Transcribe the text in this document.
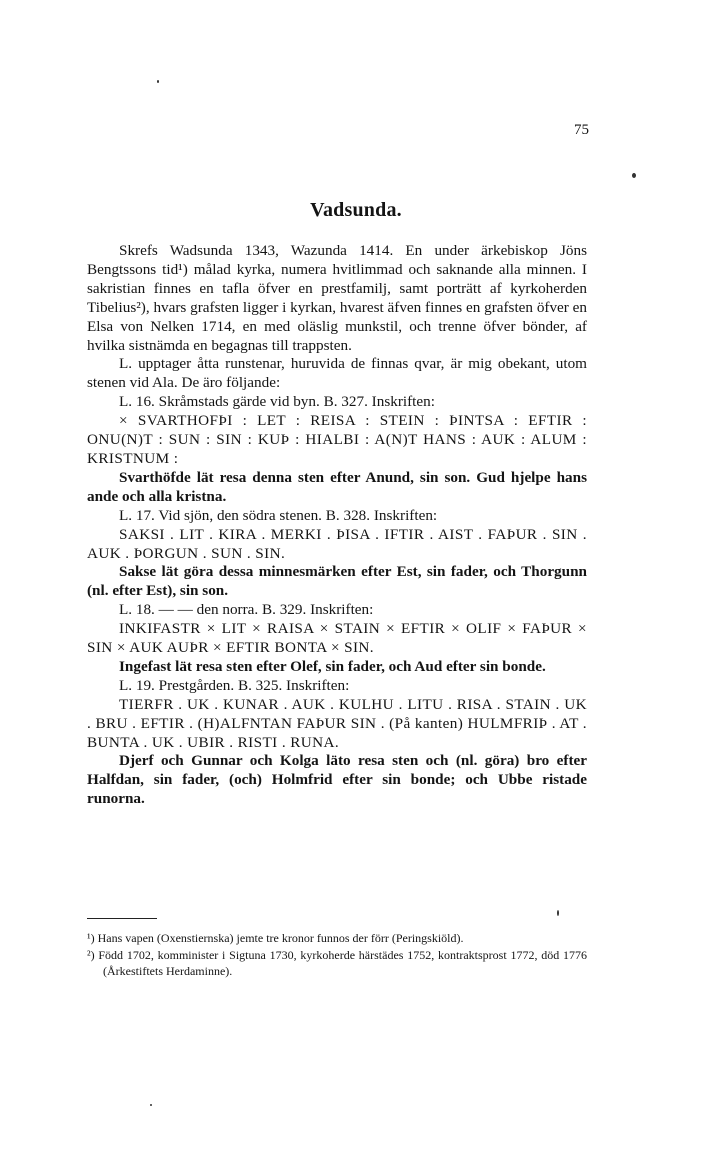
75
Vadsunda.

Skrefs Wadsunda 1343, Wazunda 1414. En under ärkebiskop Jöns Bengtssons tid¹) målad kyrka, numera hvitlimmad och saknande alla minnen. I sakristian finnes en tafla öfver en prestfamilj, samt porträtt af kyrkoherden Tibelius²), hvars grafsten ligger i kyrkan, hvarest äfven finnes en grafsten öfver en Elsa von Nelken 1714, en med oläslig munkstil, och trenne öfver bönder, af hvilka sistnämda en begagnas till trappsten.

L. upptager åtta runstenar, huruvida de finnas qvar, är mig obekant, utom stenen vid Ala. De äro följande:

L. 16. Skråmstads gärde vid byn. B. 327. Inskriften:

× SVARTHOFÞI : LET : REISA : STEIN : ÞINTSA : EFTIR : ONU(N)T : SUN : SIN : KUÞ : HIALBI : A(N)T HANS : AUK : ALUM : KRISTNUM :

Svarthöfde lät resa denna sten efter Anund, sin son. Gud hjelpe hans ande och alla kristna.

L. 17. Vid sjön, den södra stenen. B. 328. Inskriften:

SAKSI . LIT . KIRA . MERKI . ÞISA . IFTIR . AIST . FAÞUR . SIN . AUK . ÞORGUN . SUN . SIN.

Sakse lät göra dessa minnesmärken efter Est, sin fader, och Thorgunn (nl. efter Est), sin son.

L. 18. — — den norra. B. 329. Inskriften:

INKIFASTR × LIT × RAISA × STAIN × EFTIR × OLIF × FAÞUR × SIN × AUK AUÞR × EFTIR BONTA × SIN.

Ingefast lät resa sten efter Olef, sin fader, och Aud efter sin bonde.

L. 19. Prestgården. B. 325. Inskriften:

TIERFR . UK . KUNAR . AUK . KULHU . LITU . RISA . STAIN . UK . BRU . EFTIR . (H)ALFNTAN FAÞUR SIN . (På kanten) HULMFRIÞ . AT . BUNTA . UK . UBIR . RISTI . RUNA.

Djerf och Gunnar och Kolga läto resa sten och (nl. göra) bro efter Halfdan, sin fader, (och) Holmfrid efter sin bonde; och Ubbe ristade runorna.

¹) Hans vapen (Oxenstiernska) jemte tre kronor funnos der förr (Peringskiöld).

²) Född 1702, komminister i Sigtuna 1730, kyrkoherde härstädes 1752, kontraktsprost 1772, död 1776 (Årkestiftets Herdaminne).
